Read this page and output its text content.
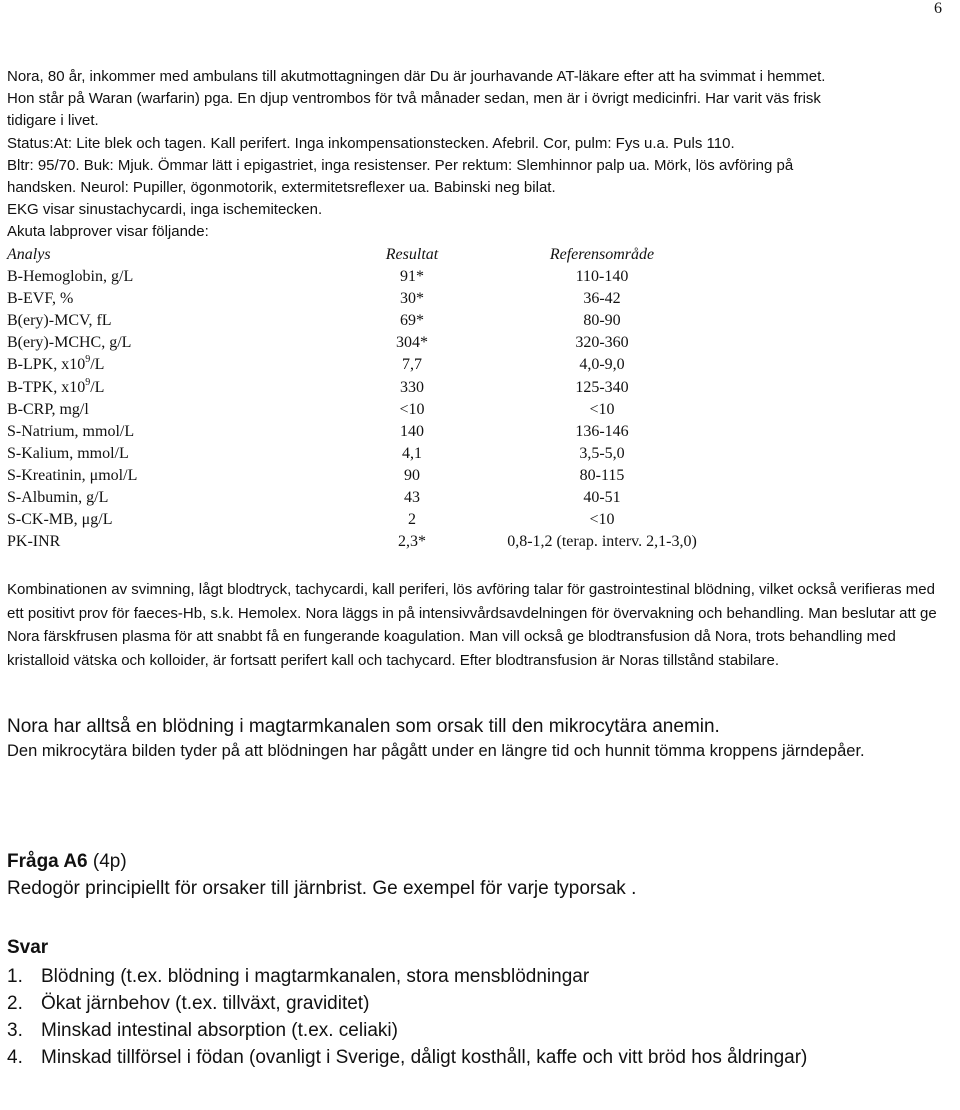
6
Nora, 80 år, inkommer med ambulans till akutmottagningen där Du är jourhavande AT-läkare efter att ha svimmat i hemmet.
Hon står på Waran (warfarin) pga. En djup ventrombos för två månader sedan, men är i övrigt medicinfri. Har varit väs frisk
tidigare i livet.
Status:At: Lite blek och tagen. Kall perifert. Inga inkompensationstecken. Afebril. Cor, pulm: Fys u.a. Puls 110.
Bltr: 95/70. Buk: Mjuk. Ömmar lätt i epigastriet, inga resistenser. Per rektum: Slemhinnor palp ua. Mörk, lös avföring på
handsken. Neurol: Pupiller, ögonmotorik, extermitetsreflexer ua. Babinski neg bilat.
EKG visar sinustachycardi, inga ischemitecken.
Akuta labprover visar följande:
Analys	Resultat	Referensområde
B-Hemoglobin, g/L	91*	110-140
B-EVF, %	30*	36-42
B(ery)-MCV, fL	69*	80-90
B(ery)-MCHC, g/L	304*	320-360
B-LPK, $x10^9/L$	7,7	4,0-9,0
B-TPK, $x10^9/L$	330	125-340
B-CRP, mg/l	<10	<10
S-Natrium, mmol/L	140	136-146
S-Kalium, mmol/L	4,1	3,5-5,0
S-Kreatinin, μmol/L	90	80-115
S-Albumin, g/L	43	40-51
S-CK-MB, μg/L	2	<10
PK-INR	2,3*	0,8-1,2 (terap. interv. 2,1-3,0)
Kombinationen av svimning, lågt blodtryck, tachycardi, kall periferi, lös avföring talar för gastrointestinal blödning, vilket också verifieras med ett positivt prov för faeces-Hb, s.k. Hemolex. Nora läggs in på intensivvårdsavdelningen för övervakning och behandling. Man beslutar att ge Nora färskfrusen plasma för att snabbt få en fungerande koagulation. Man vill också ge blodtransfusion då Nora, trots behandling med kristalloid vätska och kolloider, är fortsatt perifert kall och tachycard. Efter blodtransfusion är Noras tillstånd stabilare.
Nora har alltså en blödning i magtarmkanalen som orsak till den mikrocytära anemin.
Den mikrocytära bilden tyder på att blödningen har pågått under en längre tid och hunnit tömma kroppens järndepåer.
Fråga A6 (4p)
Redogör principiellt för orsaker till järnbrist. Ge exempel för varje typorsak .
Svar
1. Blödning (t.ex. blödning i magtarmkanalen, stora mensblödningar
2. Ökat järnbehov (t.ex. tillväxt, graviditet)
3. Minskad intestinal absorption (t.ex. celiaki)
4. Minskad tillförsel i födan (ovanligt i Sverige, dåligt kosthåll, kaffe och vitt bröd hos åldringar)
